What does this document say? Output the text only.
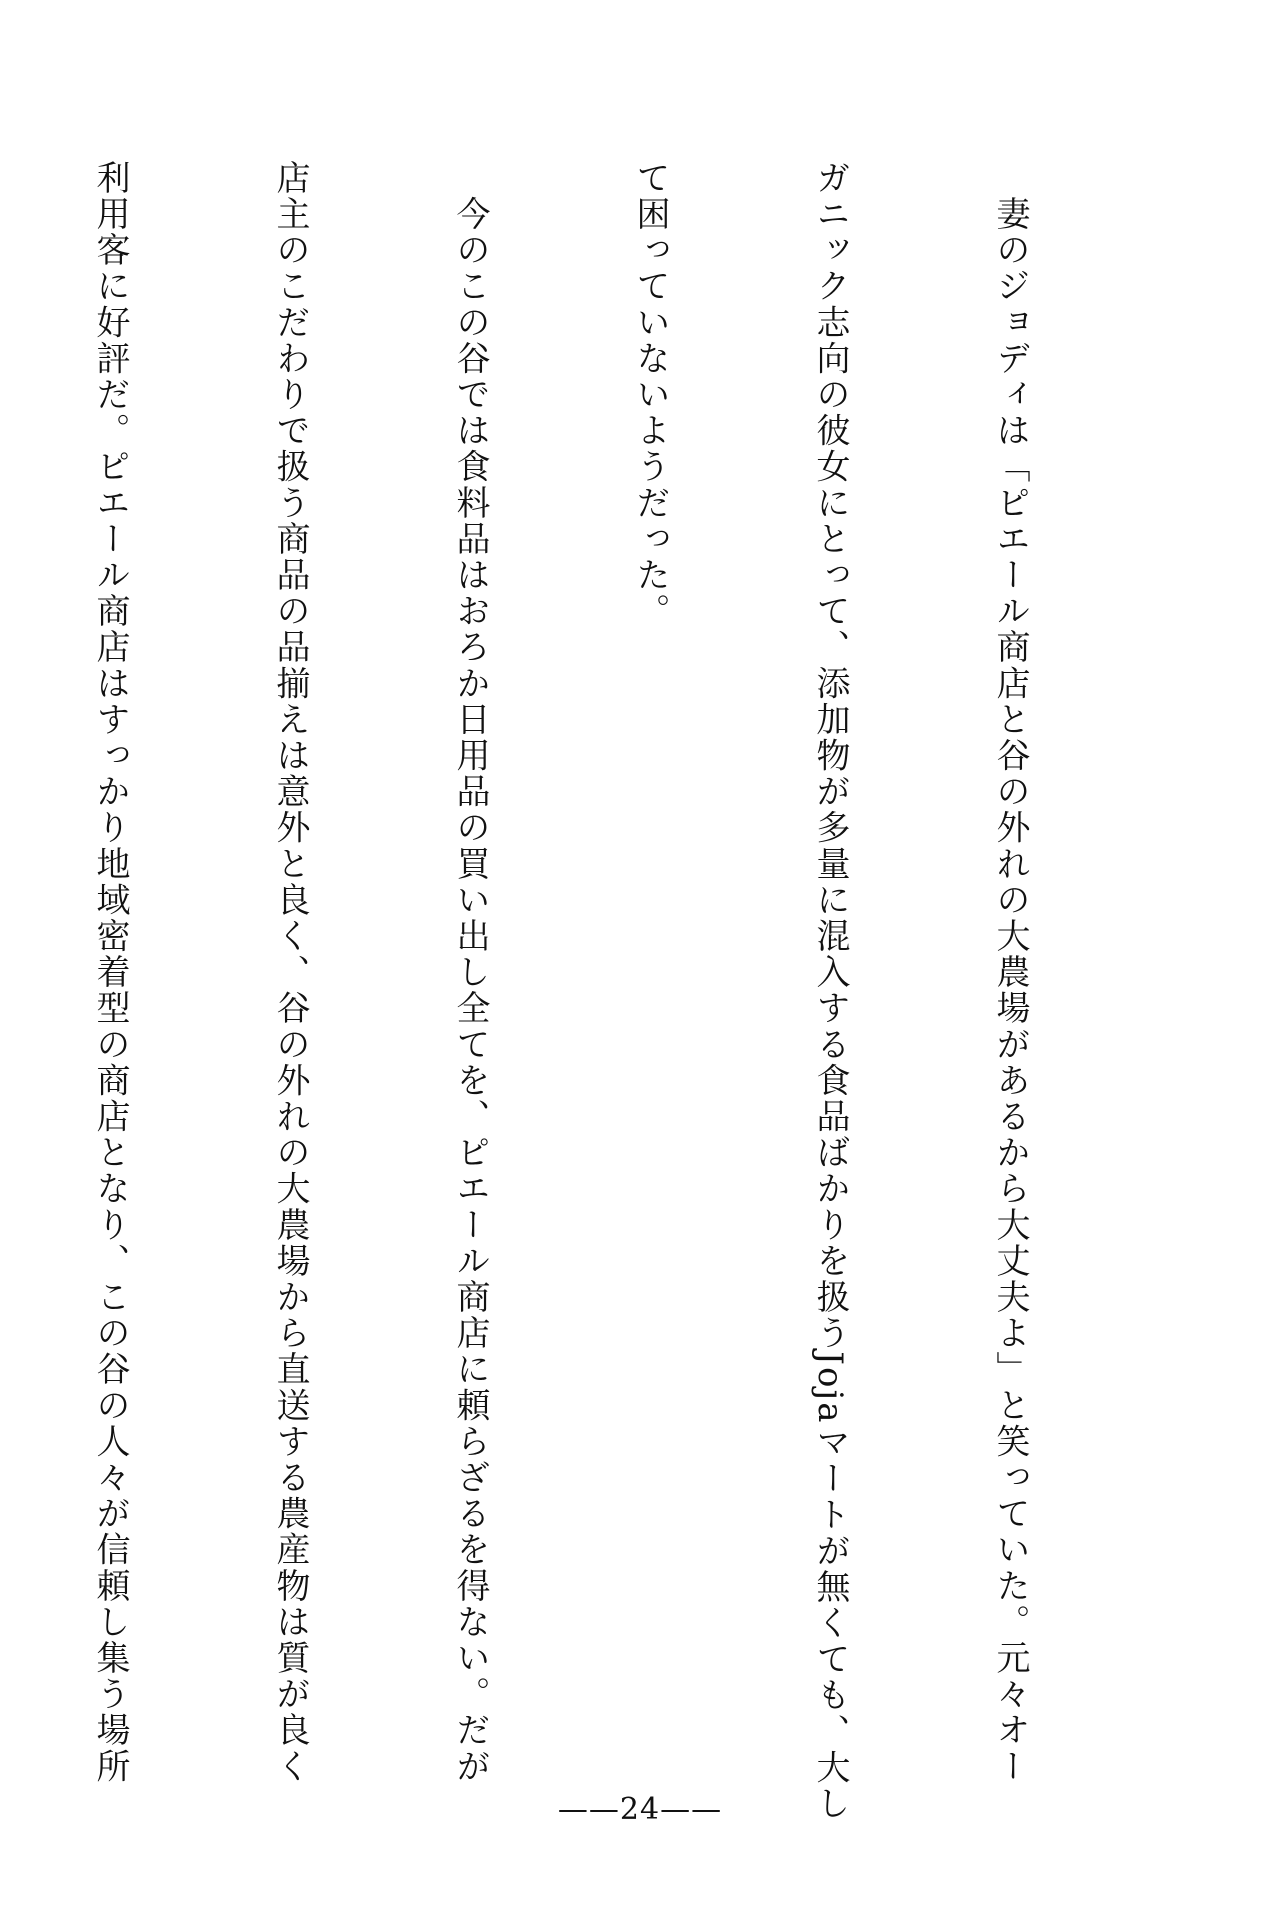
　妻のジョディは「ピエール商店と谷の外れの大農場があるから大丈夫よ」と笑っていた。元々オー

ガニック志向の彼女にとって、添加物が多量に混入する食品ばかりを扱うJojaマートが無くても、大し

て困っていないようだった。

　今のこの谷では食料品はおろか日用品の買い出し全てを、ピエール商店に頼らざるを得ない。だが

店主のこだわりで扱う商品の品揃えは意外と良く、谷の外れの大農場から直送する農産物は質が良く

利用客に好評だ。ピエール商店はすっかり地域密着型の商店となり、この谷の人々が信頼し集う場所

——24——
